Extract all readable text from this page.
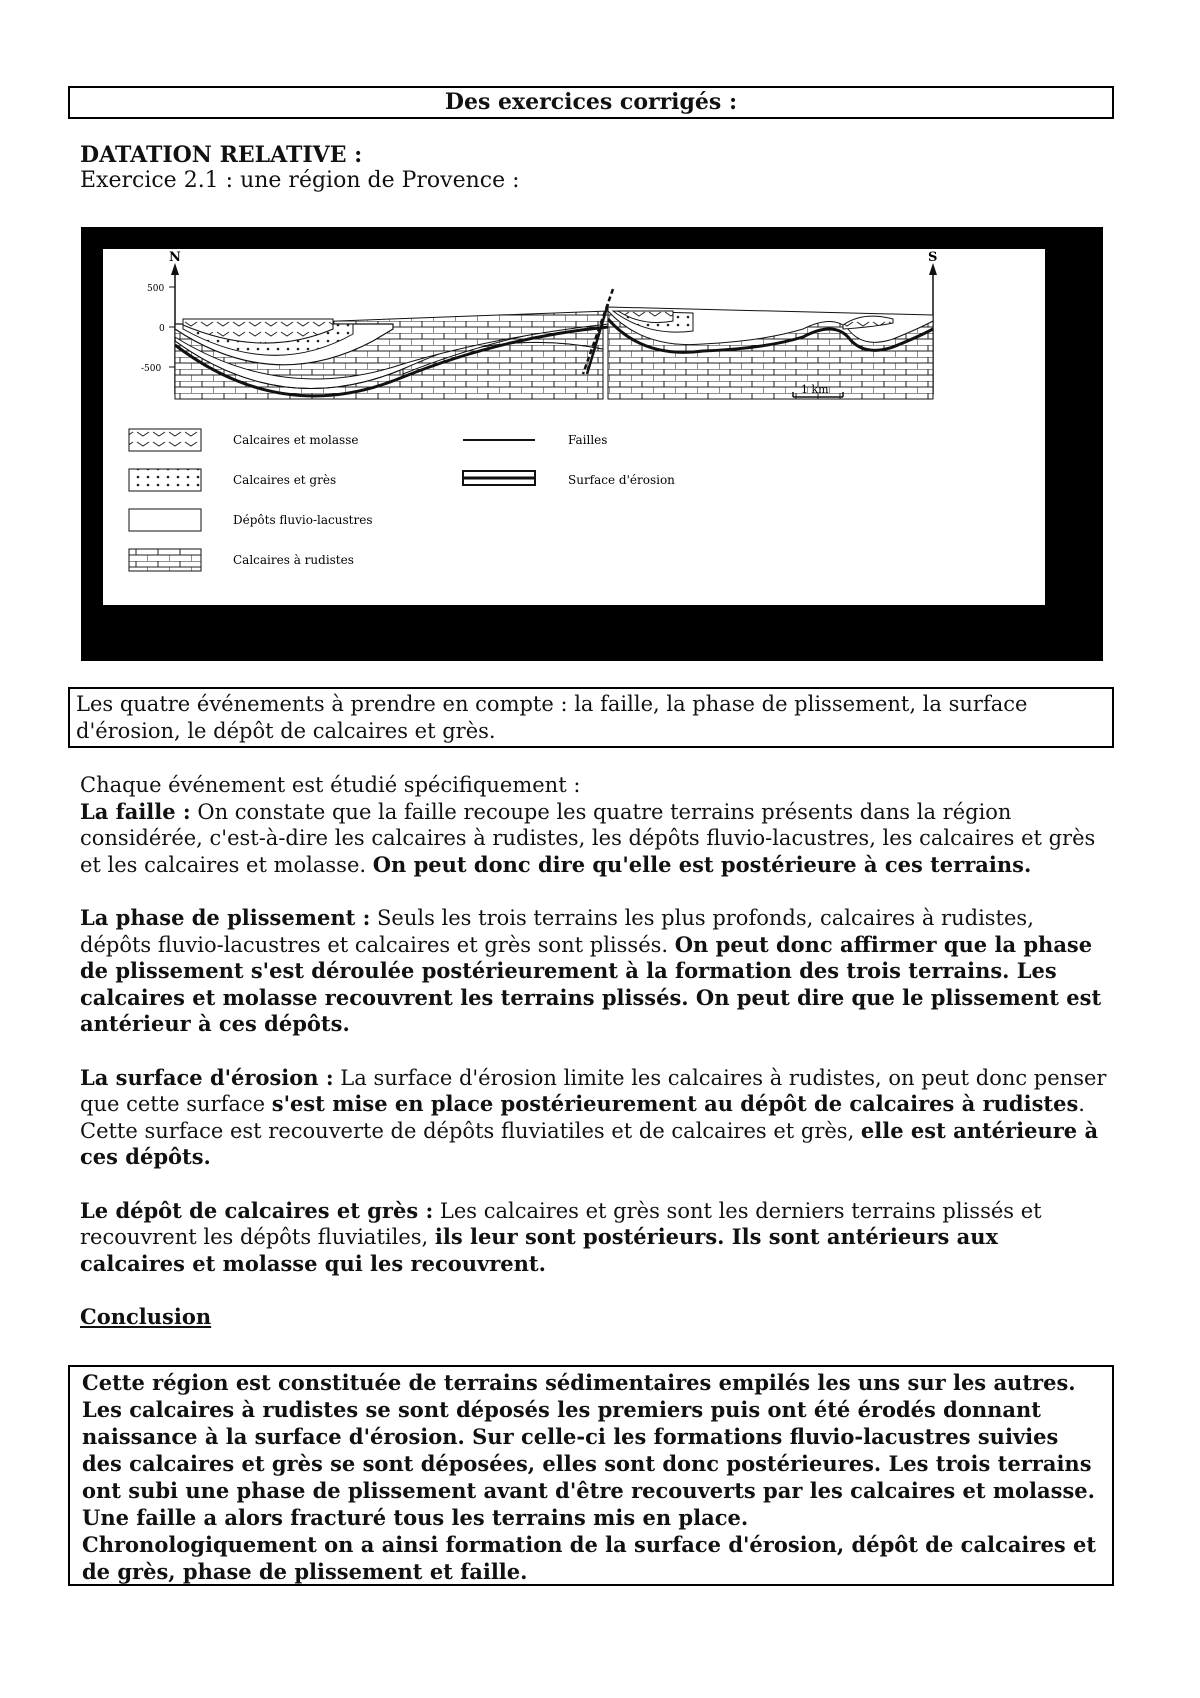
Des exercices corrigés :
DATATION RELATIVE :
Exercice 2.1 : une région de Provence :
N	S
500
0
-500
1 km
Calcaires et molasse
Calcaires et grès
Dépôts fluvio-lacustres
Calcaires à rudistes
Failles
Surface d'érosion
Les quatre événements à prendre en compte : la faille, la phase de plissement, la surface d'érosion, le dépôt de calcaires et grès.

Chaque événement est étudié spécifiquement :

La faille : On constate que la faille recoupe les quatre terrains présents dans la région considérée, c'est-à-dire les calcaires à rudistes, les dépôts fluvio-lacustres, les calcaires et grès et les calcaires et molasse. On peut donc dire qu'elle est postérieure à ces terrains.

La phase de plissement : Seuls les trois terrains les plus profonds, calcaires à rudistes, dépôts fluvio-lacustres et calcaires et grès sont plissés. On peut donc affirmer que la phase de plissement s'est déroulée postérieurement à la formation des trois terrains. Les calcaires et molasse recouvrent les terrains plissés. On peut dire que le plissement est antérieur à ces dépôts.

La surface d'érosion : La surface d'érosion limite les calcaires à rudistes, on peut donc penser que cette surface s'est mise en place postérieurement au dépôt de calcaires à rudistes. Cette surface est recouverte de dépôts fluviatiles et de calcaires et grès, elle est antérieure à ces dépôts.

Le dépôt de calcaires et grès : Les calcaires et grès sont les derniers terrains plissés et recouvrent les dépôts fluviatiles, ils leur sont postérieurs. Ils sont antérieurs aux calcaires et molasse qui les recouvrent.

Conclusion

Cette région est constituée de terrains sédimentaires empilés les uns sur les autres. Les calcaires à rudistes se sont déposés les premiers puis ont été érodés donnant naissance à la surface d'érosion. Sur celle-ci les formations fluvio-lacustres suivies des calcaires et grès se sont déposées, elles sont donc postérieures. Les trois terrains ont subi une phase de plissement avant d'être recouverts par les calcaires et molasse. Une faille a alors fracturé tous les terrains mis en place.
Chronologiquement on a ainsi formation de la surface d'érosion, dépôt de calcaires et de grès, phase de plissement et faille.
